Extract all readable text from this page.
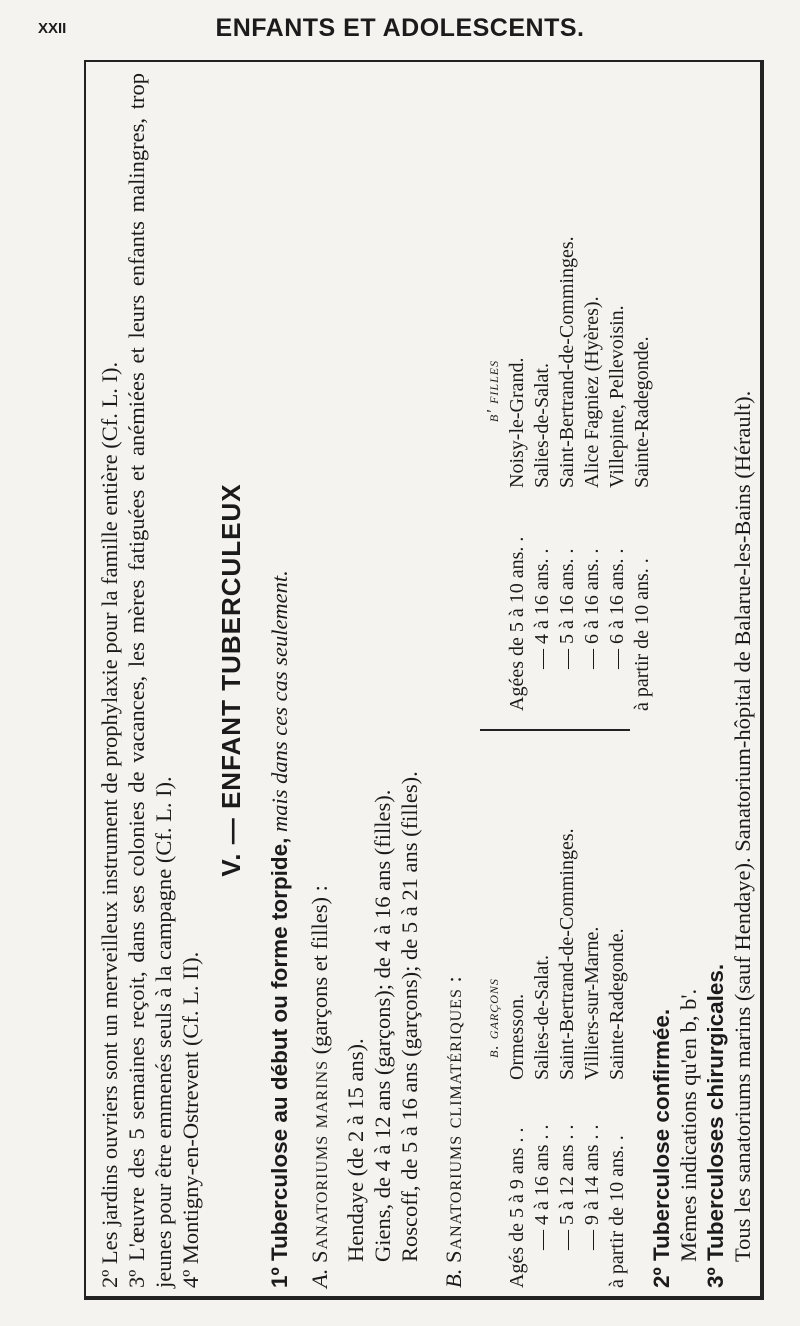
XXII	ENFANTS ET ADOLESCENTS.
2º Les jardins ouvriers sont un merveilleux instrument de prophylaxie pour la famille entière (Cf. L. I).
3º L'œuvre des 5 semaines reçoit, dans ses colonies de vacances, les mères fatiguées et anémiées et leurs enfants malingres, trop jeunes pour être emmenés seuls à la campagne (Cf. L. I). 4º Montigny-en-Ostrevent (Cf. L. II).
V. — ENFANT TUBERCULEUX
1º Tuberculose au début ou forme torpide, mais dans ces cas seulement.
A. Sanatoriums marins (garçons et filles) :
Hendaye (de 2 à 15 ans). Giens, de 4 à 12 ans (garçons); de 4 à 16 ans (filles). Roscoff, de 5 à 16 ans (garçons); de 5 à 21 ans (filles).
B. Sanatoriums climatériques : b. garçons
Agés de 5 à 9 ans . .
Ormesson.
— 4 à 16 ans . .
Salies-de-Salat.
— 5 à 12 ans . .
Saint-Bertrand-de-Comminges.
— 9 à 14 ans . .
Villiers-sur-Marne.
à partir de 10 ans. .
Sainte-Radegonde.
b' filles
Agées de 5 à 10 ans. .
Noisy-le-Grand.
— 4 à 16 ans. .
Salies-de-Salat.
— 5 à 16 ans. .
Saint-Bertrand-de-Comminges.
— 6 à 16 ans. .
Alice Fagniez (Hyères).
— 6 à 16 ans. .
Villepinte, Pellevoisin.
à partir de 10 ans. .
Sainte-Radegonde.
2º Tuberculose confirmée. Mêmes indications qu'en b, b'. 3º Tuberculoses chirurgicales. Tous les sanatoriums marins (sauf Hendaye). Sanatorium-hôpital de Balarue-les-Bains (Hérault).
